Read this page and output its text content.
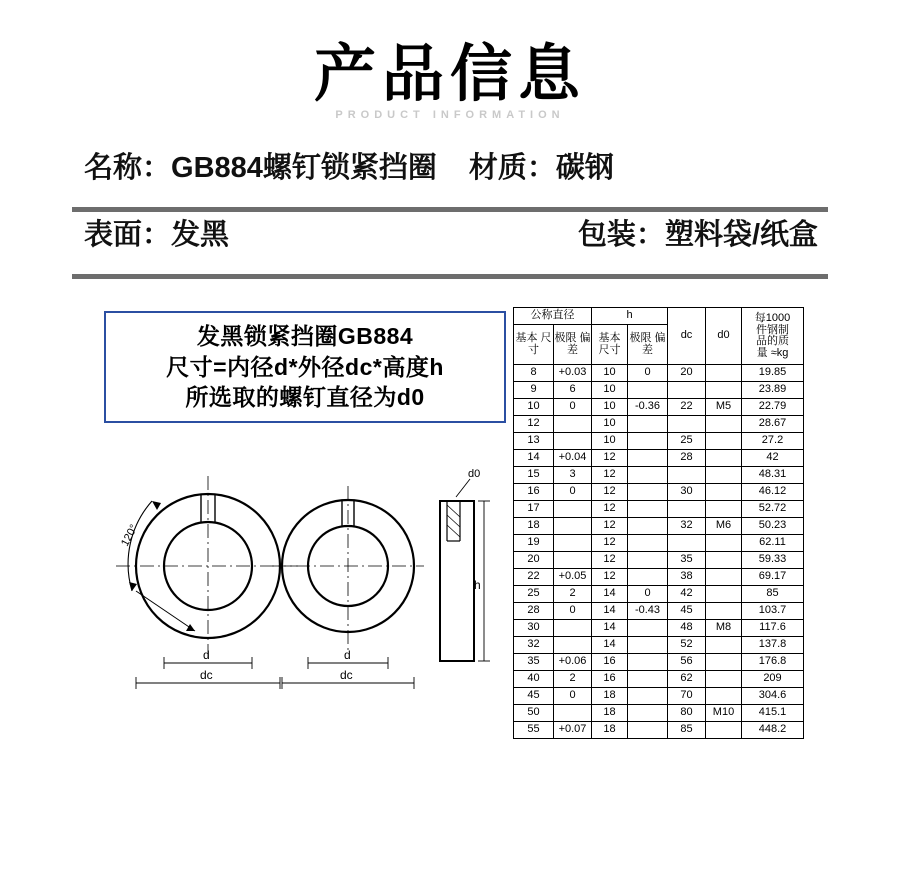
产品信息
PRODUCT INFORMATION
名称：GB884螺钉锁紧挡圈 材质：碳钢
表面：发黑	包装：塑料袋/纸盒
发黑锁紧挡圈GB884
尺寸=内径d*外径dc*高度h
所选取的螺钉直径为d0
120°
d
dc
d
dc
d0
h
公称直径		h		dc	d0	每1000
件钢制
品的质
量 ≈kg

基本 尺寸	极限 偏差	基本 尺寸	极限 偏差			

8	+0.03	10	0	20		19.85
9	6	10				23.89
10	0	10	-0.36	22	M5	22.79
12		10				28.67
13		10		25		27.2
14	+0.04	12		28		42
15	3	12				48.31
16	0	12		30		46.12
17		12				52.72
18		12		32	M6	50.23
19		12				62.11
20		12		35		59.33
22	+0.05	12		38		69.17
25	2	14	0	42		85
28	0	14	-0.43	45		103.7
30		14		48	M8	117.6
32		14		52		137.8
35	+0.06	16		56		176.8
40	2	16		62		209
45	0	18		70		304.6
50		18		80	M10	415.1
55	+0.07	18		85		448.2
